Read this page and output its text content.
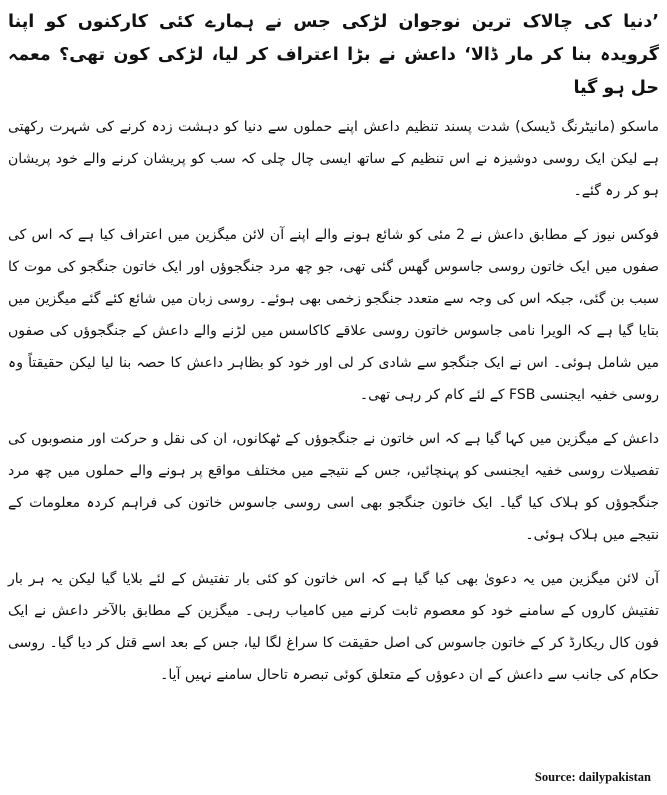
’دنیا کی چالاک ترین نوجوان لڑکی جس نے ہمارے کئی کارکنوں کو اپنا گرویدہ بنا کر مار ڈالا‘ داعش نے بڑا اعتراف کر لیا، لڑکی کون تھی؟ معمہ حل ہو گیا

ماسکو (مانیٹرنگ ڈیسک) شدت پسند تنظیم داعش اپنے حملوں سے دنیا کو دہشت زدہ کرنے کی شہرت رکھتی ہے لیکن ایک روسی دوشیزہ نے اس تنظیم کے ساتھ ایسی چال چلی کہ سب کو پریشان کرنے والے خود پریشان ہو کر رہ گئے۔

فوکس نیوز کے مطابق داعش نے 2 مئی کو شائع ہونے والے اپنے آن لائن میگزین میں اعتراف کیا ہے کہ اس کی صفوں میں ایک خاتون روسی جاسوس گھس گئی تھی، جو چھ مرد جنگجوﺅں اور ایک خاتون جنگجو کی موت کا سبب بن گئی، جبکہ اس کی وجہ سے متعدد جنگجو زخمی بھی ہوئے۔ روسی زبان میں شائع کئے گئے میگزین میں بتایا گیا ہے کہ الویرا نامی جاسوس خاتون روسی علاقے کاکاسس میں لڑنے والے داعش کے جنگجوﺅں کی صفوں میں شامل ہوئی۔ اس نے ایک جنگجو سے شادی کر لی اور خود کو بظاہر داعش کا حصہ بنا لیا لیکن حقیقتاً وہ روسی خفیہ ایجنسی FSB کے لئے کام کر رہی تھی۔

داعش کے میگزین میں کہا گیا ہے کہ اس خاتون نے جنگجوﺅں کے ٹھکانوں، ان کی نقل و حرکت اور منصوبوں کی تفصیلات روسی خفیہ ایجنسی کو پہنچائیں، جس کے نتیجے میں مختلف مواقع پر ہونے والے حملوں میں چھ مرد جنگجوﺅں کو ہلاک کیا گیا۔ ایک خاتون جنگجو بھی اسی روسی جاسوس خاتون کی فراہم کردہ معلومات کے نتیجے میں ہلاک ہوئی۔

آن لائن میگزین میں یہ دعویٰ بھی کیا گیا ہے کہ اس خاتون کو کئی بار تفتیش کے لئے بلایا گیا لیکن یہ ہر بار تفتیش کاروں کے سامنے خود کو معصوم ثابت کرنے میں کامیاب رہی۔ میگزین کے مطابق بالآخر داعش نے ایک فون کال ریکارڈ کر کے خاتون جاسوس کی اصل حقیقت کا سراغ لگا لیا، جس کے بعد اسے قتل کر دیا گیا۔ روسی حکام کی جانب سے داعش کے ان دعوﺅں کے متعلق کوئی تبصرہ تاحال سامنے نہیں آیا۔

Source: dailypakistan
